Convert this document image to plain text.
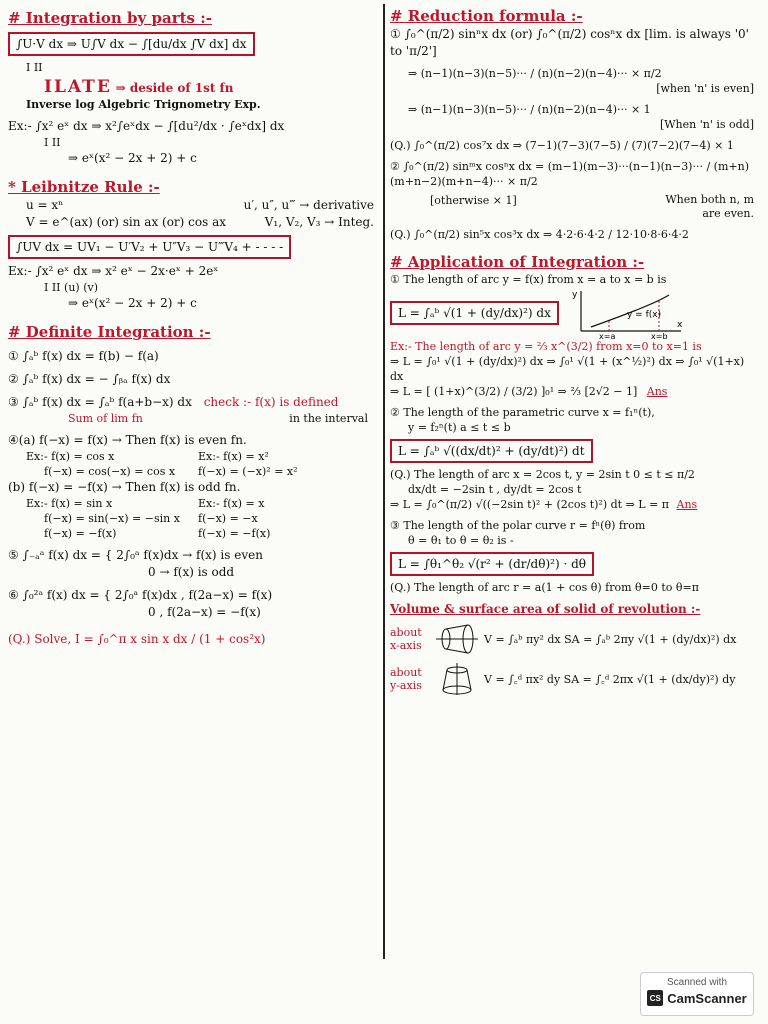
# Integration by parts :-

∫U·V dx ⇒ U∫V dx − ∫[du/dx ∫V dx] dx

I II

ILATE ⇒ deside of 1st fn

Inverse log Algebric Trignometry Exp.

Ex:- ∫x² eˣ dx ⇒ x²∫eˣdx − ∫[du²/dx · ∫eˣdx] dx

I II

⇒ eˣ(x² − 2x + 2) + c

* Leibnitze Rule :-

u = xⁿ	u′, u″, u‴ → derivative

V = e^(ax) (or) sin ax (or) cos ax	V₁, V₂, V₃ → Integ.

∫UV dx = UV₁ − U′V₂ + U″V₃ − U‴V₄ + - - - -

Ex:- ∫x² eˣ dx ⇒ x² eˣ − 2x·eˣ + 2eˣ

I II (u) (v)

⇒ eˣ(x² − 2x + 2) + c

# Definite Integration :-

① ∫ₐᵇ f(x) dx = f(b) − f(a)

② ∫ₐᵇ f(x) dx = − ∫ᵦₐ f(x) dx

③ ∫ₐᵇ f(x) dx = ∫ₐᵇ f(a+b−x) dx check :- f(x) is defined

Sum of lim fn	in the interval

④(a) f(−x) = f(x) → Then f(x) is even fn.

Ex:- f(x) = cos x

f(−x) = cos(−x) = cos x

Ex:- f(x) = x²

f(−x) = (−x)² = x²

(b) f(−x) = −f(x) → Then f(x) is odd fn.

Ex:- f(x) = sin x

f(−x) = sin(−x) = −sin x

f(−x) = −f(x)

Ex:- f(x) = x

f(−x) = −x

f(−x) = −f(x)

⑤ ∫₋ₐᵃ f(x) dx = { 2∫₀ᵃ f(x)dx → f(x) is even

0 → f(x) is odd

⑥ ∫₀²ᵃ f(x) dx = { 2∫₀ᵃ f(x)dx , f(2a−x) = f(x)

0 , f(2a−x) = −f(x)

(Q.) Solve, I = ∫₀^π x sin x dx / (1 + cos²x)

# Reduction formula :-

① ∫₀^(π/2) sinⁿx dx (or) ∫₀^(π/2) cosⁿx dx [lim. is always '0' to 'π/2']

⇒ (n−1)(n−3)(n−5)··· / (n)(n−2)(n−4)··· × π/2

[when 'n' is even]

⇒ (n−1)(n−3)(n−5)··· / (n)(n−2)(n−4)··· × 1

[When 'n' is odd]

(Q.) ∫₀^(π/2) cos⁷x dx ⇒ (7−1)(7−3)(7−5) / (7)(7−2)(7−4) × 1

② ∫₀^(π/2) sinᵐx cosⁿx dx = (m−1)(m−3)···(n−1)(n−3)··· / (m+n)(m+n−2)(m+n−4)··· × π/2

[otherwise × 1]	When both n, m
are even.

(Q.) ∫₀^(π/2) sin⁵x cos³x dx ⇒ 4·2·6·4·2 / 12·10·8·6·4·2

# Application of Integration :-

① The length of arc y = f(x) from x = a to x = b is

L = ∫ₐᵇ √(1 + (dy/dx)²) dx
y
x
y = f(x)
x=a	x=b

Ex:- The length of arc y = ⅔ x^(3/2) from x=0 to x=1 is

⇒ L = ∫₀¹ √(1 + (dy/dx)²) dx ⇒ ∫₀¹ √(1 + (x^½)²) dx ⇒ ∫₀¹ √(1+x) dx

⇒ L = [ (1+x)^(3/2) / (3/2) ]₀¹ ⇒ ⅔ [2√2 − 1] Ans

② The length of the parametric curve x = f₁ⁿ(t),

y = f₂ⁿ(t) a ≤ t ≤ b

L = ∫ₐᵇ √((dx/dt)² + (dy/dt)²) dt

(Q.) The length of arc x = 2cos t, y = 2sin t 0 ≤ t ≤ π/2

dx/dt = −2sin t , dy/dt = 2cos t

⇒ L = ∫₀^(π/2) √((−2sin t)² + (2cos t)²) dt ⇒ L = π Ans

③ The length of the polar curve r = fⁿ(θ) from

θ = θ₁ to θ = θ₂ is -

L = ∫θ₁^θ₂ √(r² + (dr/dθ)²) · dθ

(Q.) The length of arc r = a(1 + cos θ) from θ=0 to θ=π

Volume & surface area of solid of revolution :-

about
x-axis	V = ∫ₐᵇ πy² dx SA = ∫ₐᵇ 2πy √(1 + (dy/dx)²) dx

about
y-axis	V = ∫꜀ᵈ πx² dy SA = ∫꜀ᵈ 2πx √(1 + (dx/dy)²) dy

Scanned with
CS CamScanner
